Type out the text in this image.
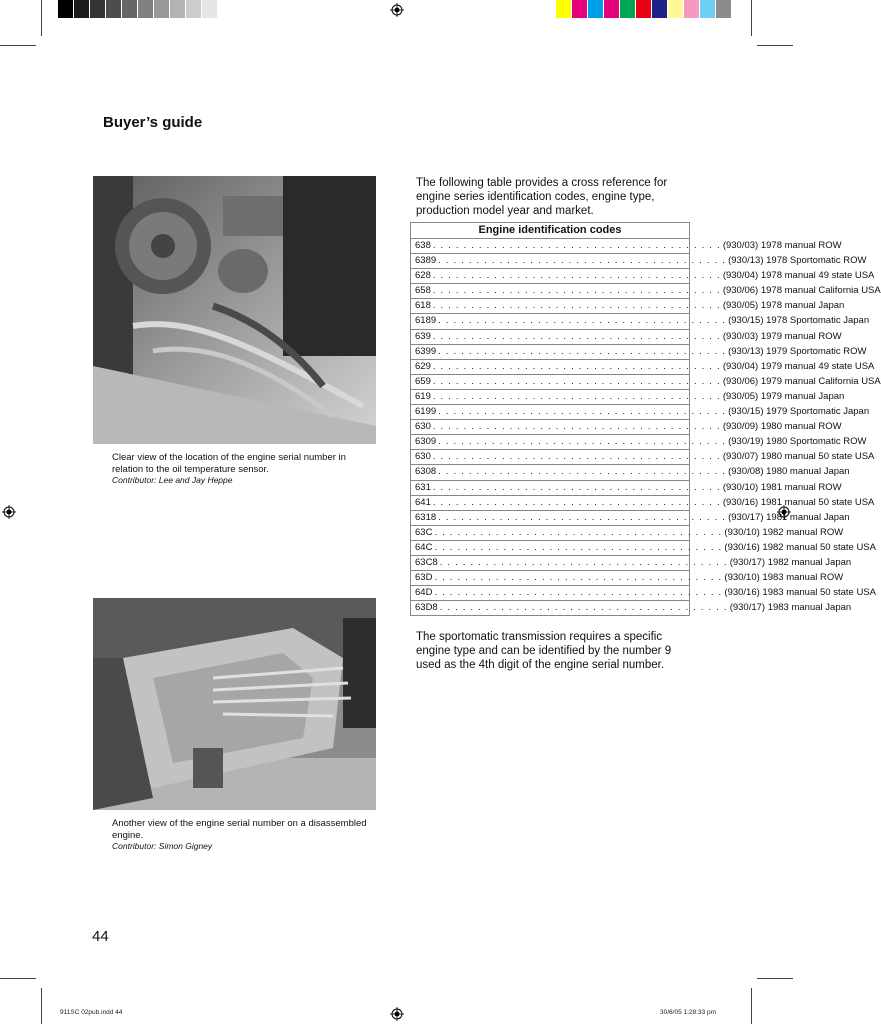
Buyer’s guide
Clear view of the location of the engine serial number in relation to the oil temperature sensor.
Contributor: Lee and Jay Heppe
Another view of the engine serial number on a disassembled engine.
Contributor: Simon Gigney
The following table provides a cross reference for engine series identification codes, engine type, production model year and market.
Engine identification codes
638 . . . . . . . . . . . . . . . . . . . . . . . . . . . . . . . . . . . . . . (930/03) 1978 manual ROW
6389 . . . . . . . . . . . . . . . . . . . . . . . . . . . . . . . . . . . . . . (930/13) 1978 Sportomatic ROW
628 . . . . . . . . . . . . . . . . . . . . . . . . . . . . . . . . . . . . . . (930/04) 1978 manual 49 state USA
658 . . . . . . . . . . . . . . . . . . . . . . . . . . . . . . . . . . . . . . (930/06) 1978 manual California USA
618 . . . . . . . . . . . . . . . . . . . . . . . . . . . . . . . . . . . . . . (930/05) 1978 manual Japan
6189 . . . . . . . . . . . . . . . . . . . . . . . . . . . . . . . . . . . . . . (930/15) 1978 Sportomatic Japan
639 . . . . . . . . . . . . . . . . . . . . . . . . . . . . . . . . . . . . . . (930/03) 1979 manual ROW
6399 . . . . . . . . . . . . . . . . . . . . . . . . . . . . . . . . . . . . . . (930/13) 1979 Sportomatic ROW
629 . . . . . . . . . . . . . . . . . . . . . . . . . . . . . . . . . . . . . . (930/04) 1979 manual 49 state USA
659 . . . . . . . . . . . . . . . . . . . . . . . . . . . . . . . . . . . . . . (930/06) 1979 manual California USA
619 . . . . . . . . . . . . . . . . . . . . . . . . . . . . . . . . . . . . . . (930/05) 1979 manual Japan
6199 . . . . . . . . . . . . . . . . . . . . . . . . . . . . . . . . . . . . . . (930/15) 1979 Sportomatic Japan
630 . . . . . . . . . . . . . . . . . . . . . . . . . . . . . . . . . . . . . . (930/09) 1980 manual ROW
6309 . . . . . . . . . . . . . . . . . . . . . . . . . . . . . . . . . . . . . . (930/19) 1980 Sportomatic ROW
630 . . . . . . . . . . . . . . . . . . . . . . . . . . . . . . . . . . . . . . (930/07) 1980 manual 50 state USA
6308 . . . . . . . . . . . . . . . . . . . . . . . . . . . . . . . . . . . . . . (930/08) 1980 manual Japan
631 . . . . . . . . . . . . . . . . . . . . . . . . . . . . . . . . . . . . . . (930/10) 1981 manual ROW
641 . . . . . . . . . . . . . . . . . . . . . . . . . . . . . . . . . . . . . . (930/16) 1981 manual 50 state USA
6318 . . . . . . . . . . . . . . . . . . . . . . . . . . . . . . . . . . . . . . (930/17) 1981 manual Japan
63C . . . . . . . . . . . . . . . . . . . . . . . . . . . . . . . . . . . . . . (930/10) 1982 manual ROW
64C . . . . . . . . . . . . . . . . . . . . . . . . . . . . . . . . . . . . . . (930/16) 1982 manual 50 state USA
63C8 . . . . . . . . . . . . . . . . . . . . . . . . . . . . . . . . . . . . . . (930/17) 1982 manual Japan
63D . . . . . . . . . . . . . . . . . . . . . . . . . . . . . . . . . . . . . . (930/10) 1983 manual ROW
64D . . . . . . . . . . . . . . . . . . . . . . . . . . . . . . . . . . . . . . (930/16) 1983 manual 50 state USA
63D8 . . . . . . . . . . . . . . . . . . . . . . . . . . . . . . . . . . . . . . (930/17) 1983 manual Japan
The sportomatic transmission requires a specific engine type and can be identified by the number 9 used as the 4th digit of the engine serial number.
44
911SC 02pub.indd 44	30/6/05 1:28:33 pm
